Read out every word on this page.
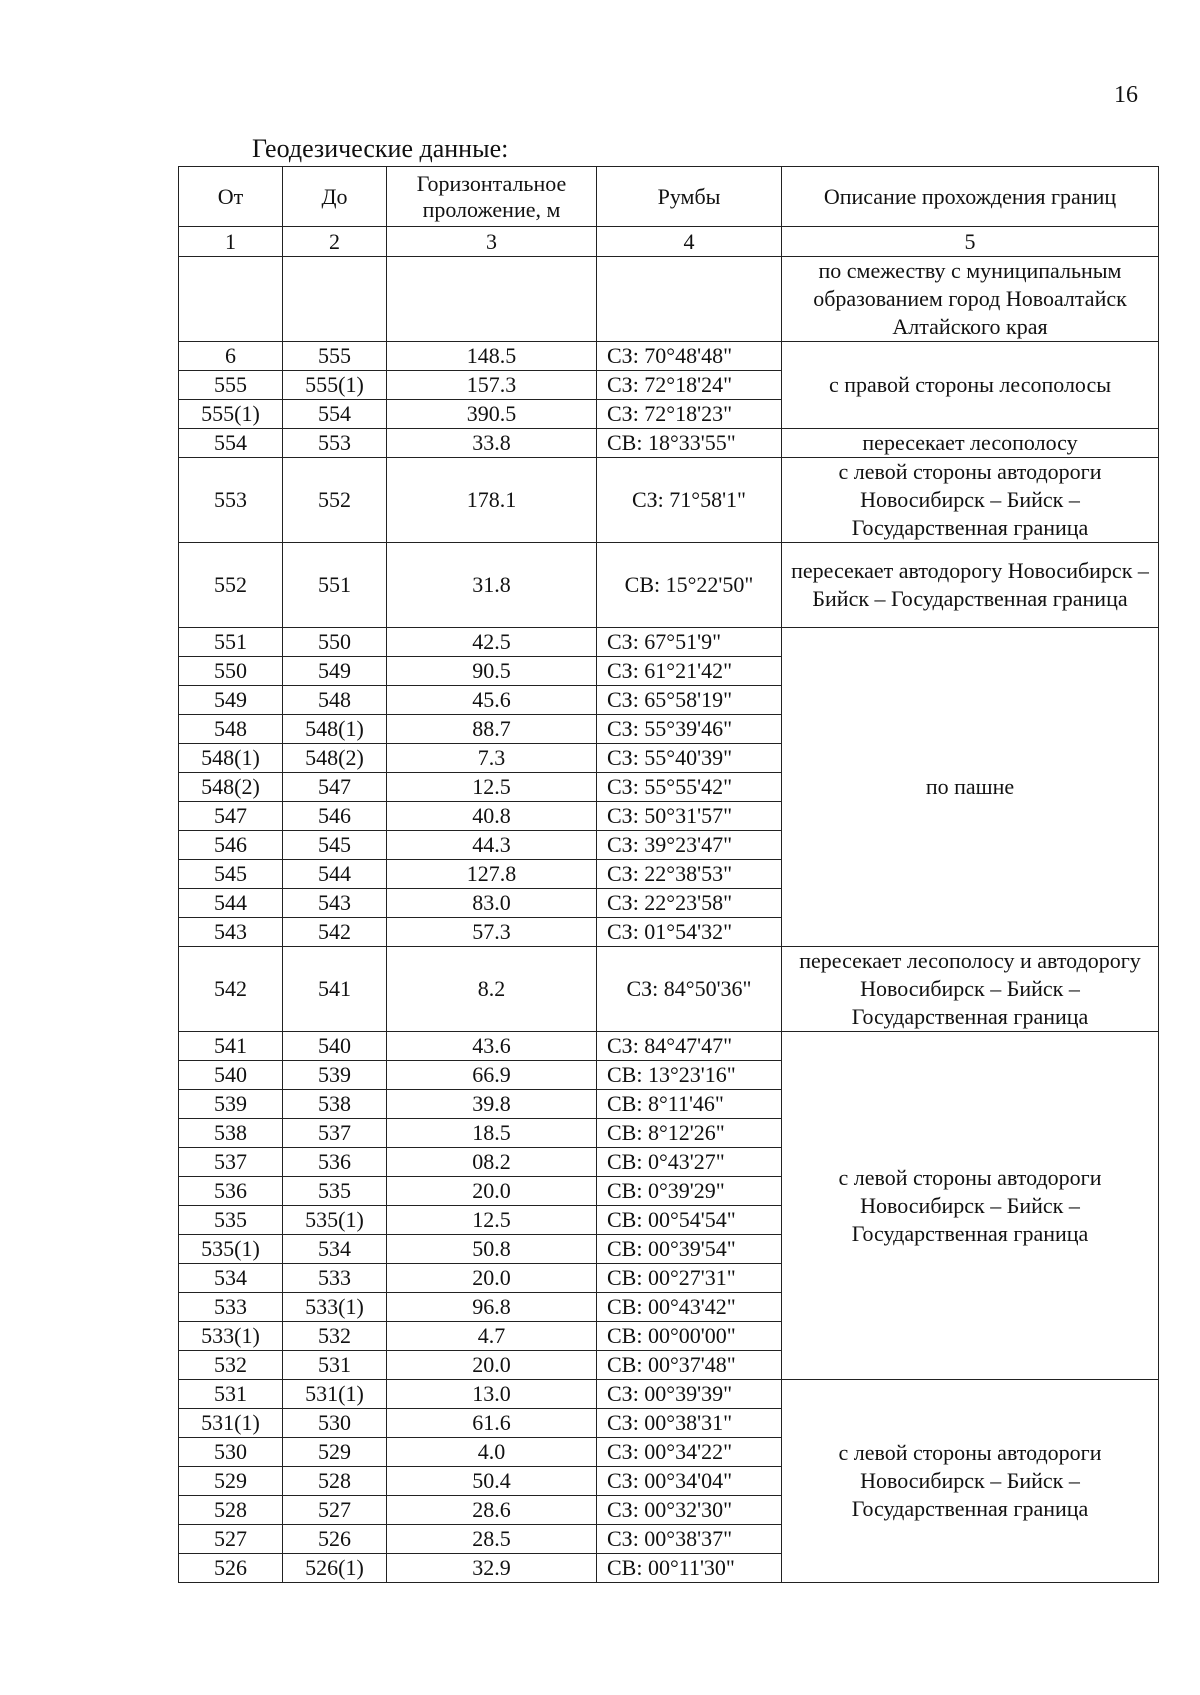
16
Геодезические данные:
От	До	Горизонтальное проложение, м	Румбы	Описание прохождения границ
1	2	3	4	5
				по смежеству с муниципальным образованием город Новоалтайск Алтайского края
6	555	148.5	СЗ: 70°48'48"	с правой стороны лесополосы
555	555(1)	157.3	СЗ: 72°18'24"	
555(1)	554	390.5	СЗ: 72°18'23"	
554	553	33.8	СВ: 18°33'55"	пересекает лесополосу
553	552	178.1	СЗ: 71°58'1"	с левой стороны автодороги Новосибирск – Бийск – Государственная граница
552	551	31.8	СВ: 15°22'50"	пересекает автодорогу Новосибирск – Бийск – Государственная граница
551	550	42.5	СЗ: 67°51'9"	по пашне
550	549	90.5	СЗ: 61°21'42"	
549	548	45.6	СЗ: 65°58'19"	
548	548(1)	88.7	СЗ: 55°39'46"	
548(1)	548(2)	7.3	СЗ: 55°40'39"	
548(2)	547	12.5	СЗ: 55°55'42"	
547	546	40.8	СЗ: 50°31'57"	
546	545	44.3	СЗ: 39°23'47"	
545	544	127.8	СЗ: 22°38'53"	
544	543	83.0	СЗ: 22°23'58"	
543	542	57.3	СЗ: 01°54'32"	
542	541	8.2	СЗ: 84°50'36"	пересекает лесополосу и автодорогу Новосибирск – Бийск – Государственная граница
541	540	43.6	СЗ: 84°47'47"	с левой стороны автодороги Новосибирск – Бийск – Государственная граница
540	539	66.9	СВ: 13°23'16"	
539	538	39.8	СВ: 8°11'46"	
538	537	18.5	СВ: 8°12'26"	
537	536	08.2	СВ: 0°43'27"	
536	535	20.0	СВ: 0°39'29"	
535	535(1)	12.5	СВ: 00°54'54"	
535(1)	534	50.8	СВ: 00°39'54"	
534	533	20.0	СВ: 00°27'31"	
533	533(1)	96.8	СВ: 00°43'42"	
533(1)	532	4.7	СВ: 00°00'00"	
532	531	20.0	СВ: 00°37'48"	
531	531(1)	13.0	СЗ: 00°39'39"	с левой стороны автодороги Новосибирск – Бийск – Государственная граница
531(1)	530	61.6	СЗ: 00°38'31"	
530	529	4.0	СЗ: 00°34'22"	
529	528	50.4	СЗ: 00°34'04"	
528	527	28.6	СЗ: 00°32'30"	
527	526	28.5	СЗ: 00°38'37"	
526	526(1)	32.9	СВ: 00°11'30"	
